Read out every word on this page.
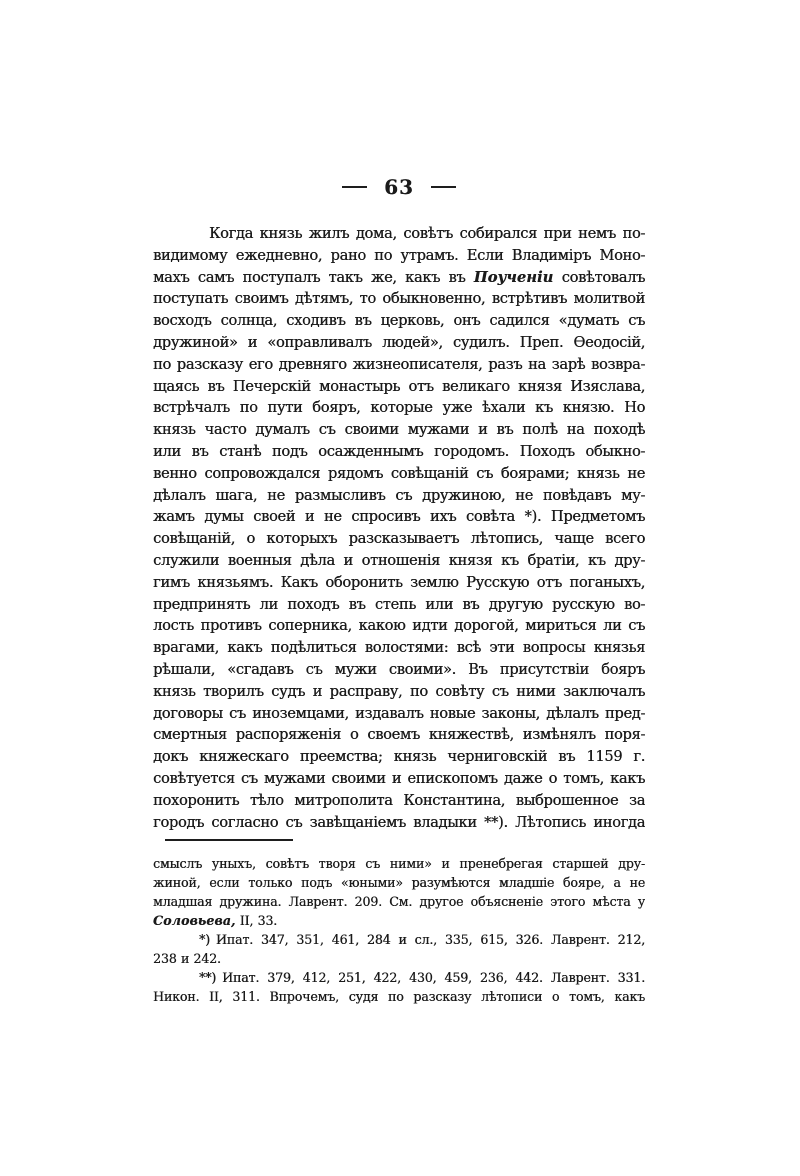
63
Когда князь жилъ дома, совѣтъ собирался при немъ по-
видимому ежедневно, рано по утрамъ. Если Владиміръ Моно-
махъ самъ поступалъ такъ же, какъ въ Поученіи совѣтовалъ
поступать своимъ дѣтямъ, то обыкновенно, встрѣтивъ молитвой
восходъ солнца, сходивъ въ церковь, онъ садился «думать съ
дружиной» и «оправливалъ людей», судилъ. Преп. Ѳеодосій,
по разсказу его древняго жизнеописателя, разъ на зарѣ возвра-
щаясь въ Печерскій монастырь отъ великаго князя Изяслава,
встрѣчалъ по пути бояръ, которые уже ѣхали къ князю. Но
князь часто думалъ съ своими мужами и въ полѣ на походѣ
или въ станѣ подъ осажденнымъ городомъ. Походъ обыкно-
венно сопровождался рядомъ совѣщаній съ боярами; князь не
дѣлалъ шага, не размысливъ съ дружиною, не повѣдавъ му-
жамъ думы своей и не спросивъ ихъ совѣта *). Предметомъ
совѣщаній, о которыхъ разсказываетъ лѣтопись, чаще всего
служили военныя дѣла и отношенія князя къ братіи, къ дру-
гимъ князьямъ. Какъ оборонить землю Русскую отъ поганыхъ,
предпринять ли походъ въ степь или въ другую русскую во-
лость противъ соперника, какою идти дорогой, мириться ли съ
врагами, какъ подѣлиться волостями: всѣ эти вопросы князья
рѣшали, «сгадавъ съ мужи своими». Въ присутствіи бояръ
князь творилъ судъ и расправу, по совѣту съ ними заключалъ
договоры съ иноземцами, издавалъ новые законы, дѣлалъ пред-
смертныя распоряженія о своемъ княжествѣ, измѣнялъ поря-
докъ княжескаго преемства; князь черниговскій въ 1159 г.
совѣтуется съ мужами своими и епископомъ даже о томъ, какъ
похоронить тѣло митрополита Константина, выброшенное за
городъ согласно съ завѣщаніемъ владыки **). Лѣтопись иногда
смыслъ уныхъ, совѣтъ творя съ ними» и пренебрегая старшей дру-
жиной, если только подъ «юными» разумѣются младшіе бояре, а не
младшая дружина. Лаврент. 209. См. другое объясненіе этого мѣста у
Соловьева, II, 33.
*) Ипат. 347, 351, 461, 284 и сл., 335, 615, 326. Лаврент. 212,
238 и 242.
**) Ипат. 379, 412, 251, 422, 430, 459, 236, 442. Лаврент. 331.
Никон. II, 311. Впрочемъ, судя по разсказу лѣтописи о томъ, какъ
